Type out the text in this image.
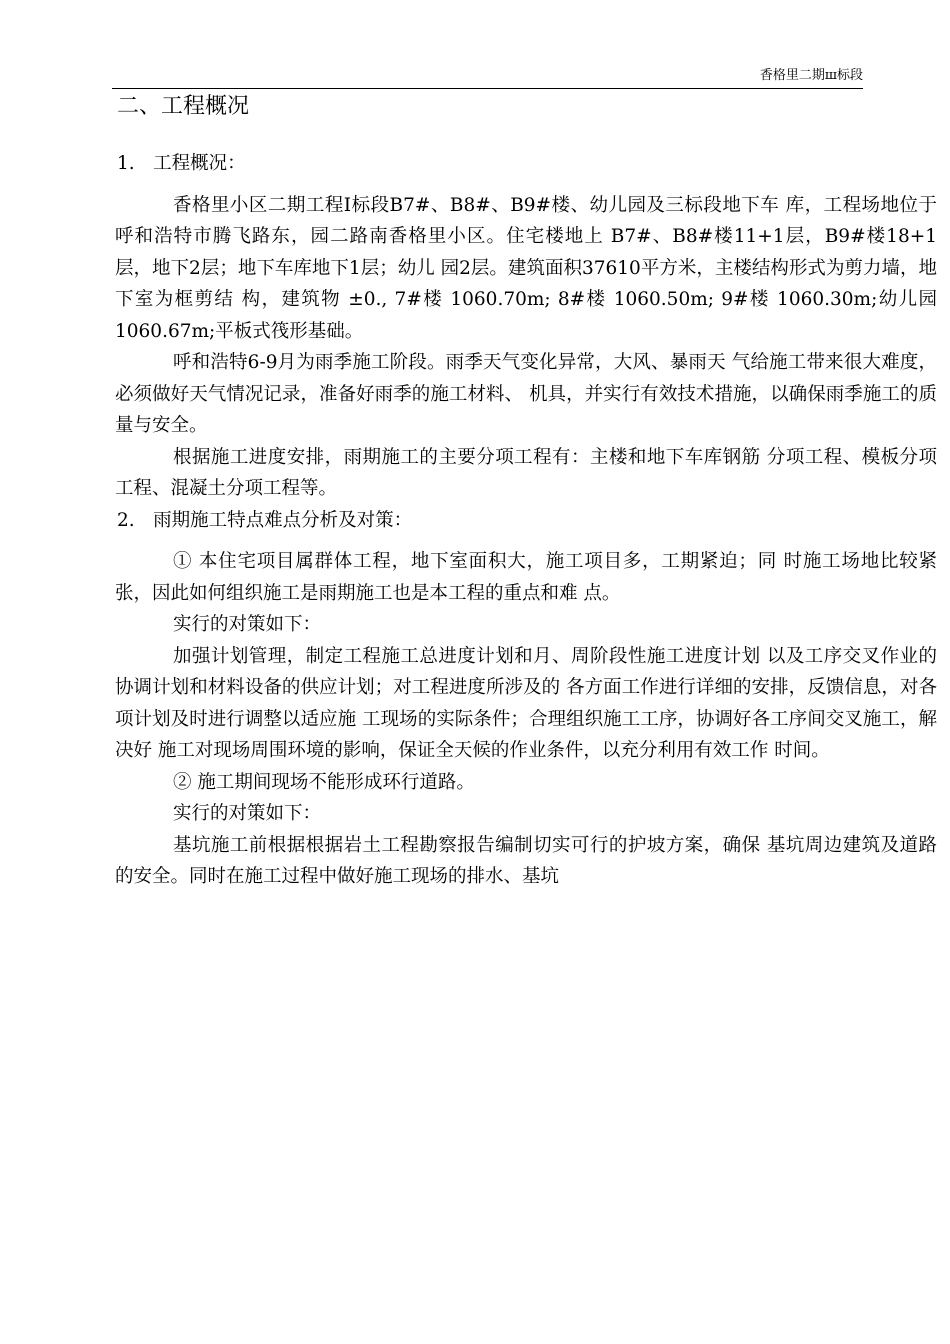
香格里二期ш标段
二、工程概况

1.　工程概况：

香格里小区二期工程I标段B7#、B8#、B9#楼、幼儿园及三标段地下车 库，工程场地位于呼和浩特市腾飞路东，园二路南香格里小区。住宅楼地上 B7#、B8#楼11+1层，B9#楼18+1层，地下2层；地下车库地下1层；幼儿 园2层。建筑面积37610平方米，主楼结构形式为剪力墙，地下室为框剪结 构，建筑物 ±0., 7#楼 1060.70m; 8#楼 1060.50m; 9#楼 1060.30m;幼儿园 1060.67m;平板式筏形基础。

呼和浩特6-9月为雨季施工阶段。雨季天气变化异常，大风、暴雨天 气给施工带来很大难度，必须做好天气情况记录，准备好雨季的施工材料、 机具，并实行有效技术措施，以确保雨季施工的质量与安全。

根据施工进度安排，雨期施工的主要分项工程有：主楼和地下车库钢筋 分项工程、模板分项工程、混凝土分项工程等。

2.　雨期施工特点难点分析及对策：

① 本住宅项目属群体工程，地下室面积大，施工项目多，工期紧迫；同 时施工场地比较紧张，因此如何组织施工是雨期施工也是本工程的重点和难 点。

实行的对策如下：

加强计划管理，制定工程施工总进度计划和月、周阶段性施工进度计划 以及工序交叉作业的协调计划和材料设备的供应计划；对工程进度所涉及的 各方面工作进行详细的安排，反馈信息，对各项计划及时进行调整以适应施 工现场的实际条件；合理组织施工工序，协调好各工序间交叉施工，解决好 施工对现场周围环境的影响，保证全天候的作业条件，以充分利用有效工作 时间。

② 施工期间现场不能形成环行道路。

实行的对策如下：

基坑施工前根据根据岩土工程勘察报告编制切实可行的护坡方案，确保 基坑周边建筑及道路的安全。同时在施工过程中做好施工现场的排水、基坑
